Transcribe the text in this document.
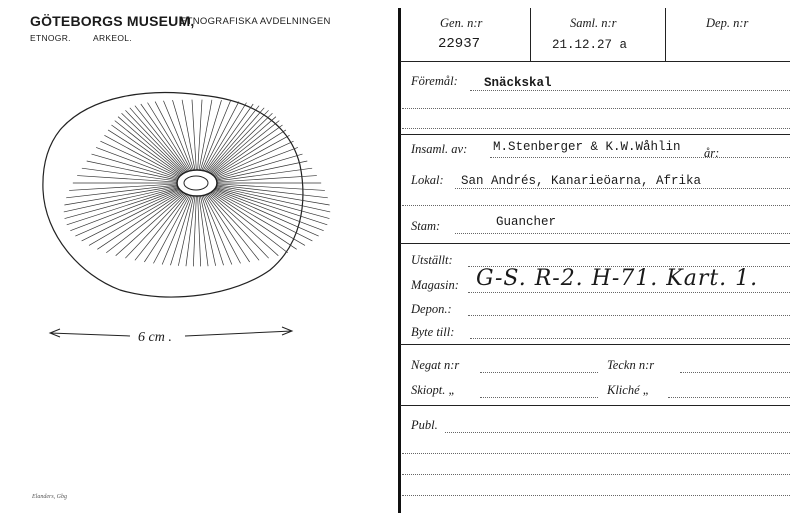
GÖTEBORGS MUSEUM,
ETNOGRAFISKA AVDELNINGEN
ETNOGR.	ARKEOL.
6 cm .
Elanders, Gbg
Gen. n:r
22937
Saml. n:r
21.12.27 a
Dep. n:r
Föremål: Snäckskal
Insaml. av: M.Stenberger & K.W.Wåhlin år:
Lokal: San Andrés, Kanarieöarna, Afrika
Stam:	Guancher
Utställt:
Magasin: G-S. R-2. H-71. Kart. 1.
Depon.:
Byte till:
Negat n:r	Teckn n:r
Skiopt. „	Kliché „
Publ.
